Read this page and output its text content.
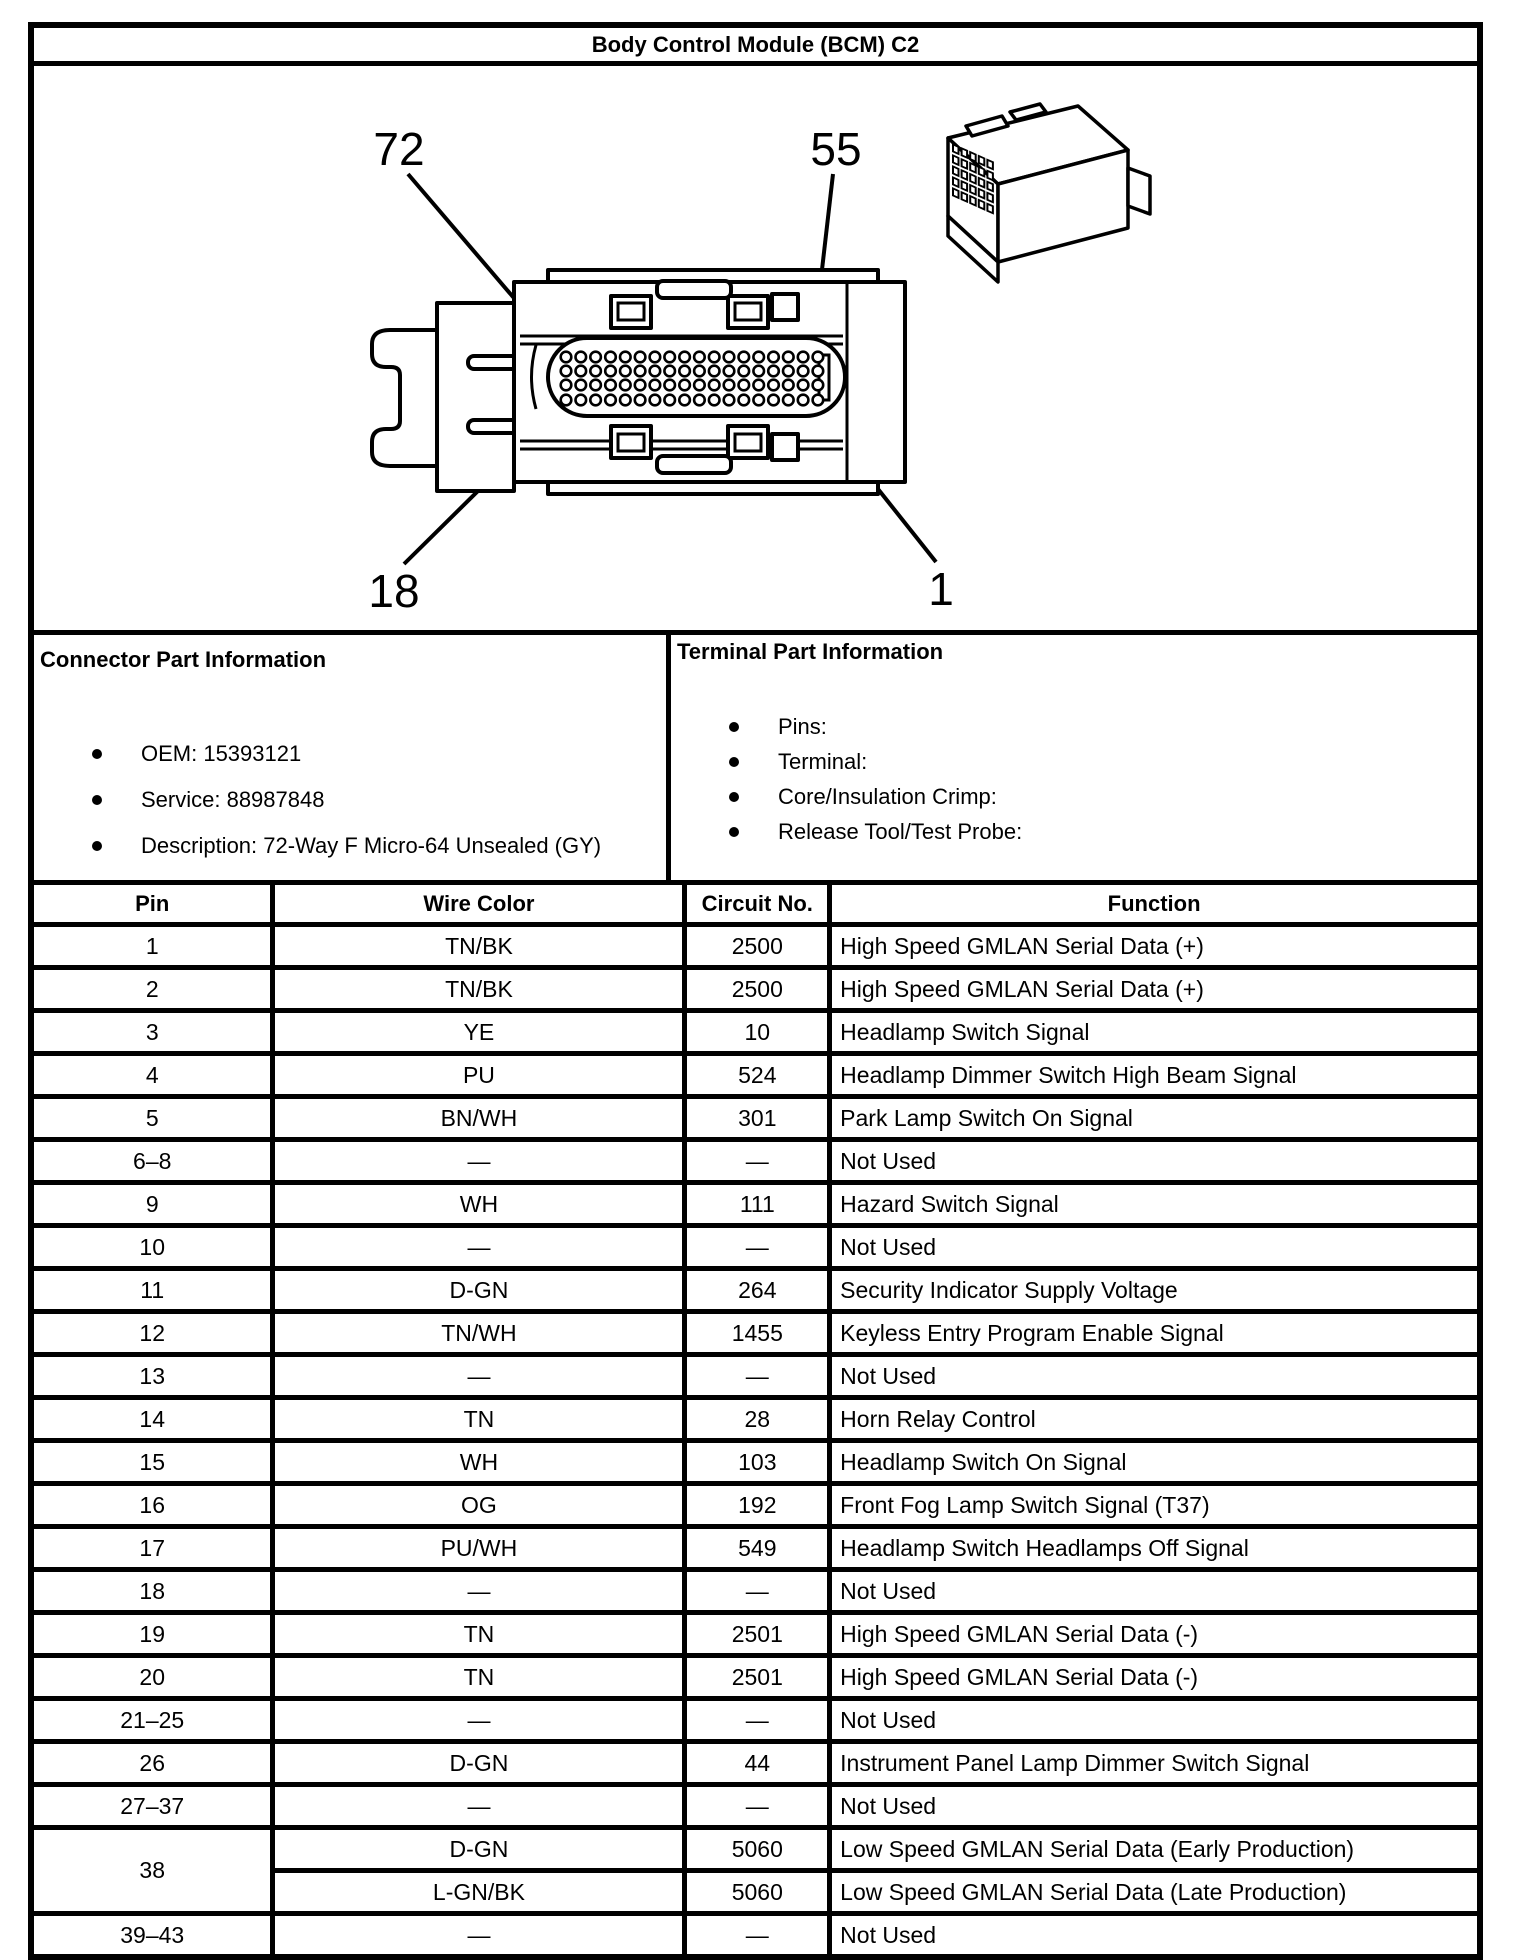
Body Control Module (BCM) C2
72	55
18	1

Connector Part Information

OEM: 15393121
Service: 88987848
Description: 72-Way F Micro-64 Unsealed (GY)

Terminal Part Information

Pins:
Terminal:
Core/Insulation Crimp:
Release Tool/Test Probe:
Pin	Wire Color	Circuit No.	Function
1	TN/BK	2500	High Speed GMLAN Serial Data (+)
2	TN/BK	2500	High Speed GMLAN Serial Data (+)
3	YE	10	Headlamp Switch Signal
4	PU	524	Headlamp Dimmer Switch High Beam Signal
5	BN/WH	301	Park Lamp Switch On Signal
6–8	—	—	Not Used
9	WH	111	Hazard Switch Signal
10	—	—	Not Used
11	D-GN	264	Security Indicator Supply Voltage
12	TN/WH	1455	Keyless Entry Program Enable Signal
13	—	—	Not Used
14	TN	28	Horn Relay Control
15	WH	103	Headlamp Switch On Signal
16	OG	192	Front Fog Lamp Switch Signal (T37)
17	PU/WH	549	Headlamp Switch Headlamps Off Signal
18	—	—	Not Used
19	TN	2501	High Speed GMLAN Serial Data (-)
20	TN	2501	High Speed GMLAN Serial Data (-)
21–25	—	—	Not Used
26	D-GN	44	Instrument Panel Lamp Dimmer Switch Signal
27–37	—	—	Not Used
38	D-GN	5060	Low Speed GMLAN Serial Data (Early Production)
	L-GN/BK	5060	Low Speed GMLAN Serial Data (Late Production)
39–43	—	—	Not Used
